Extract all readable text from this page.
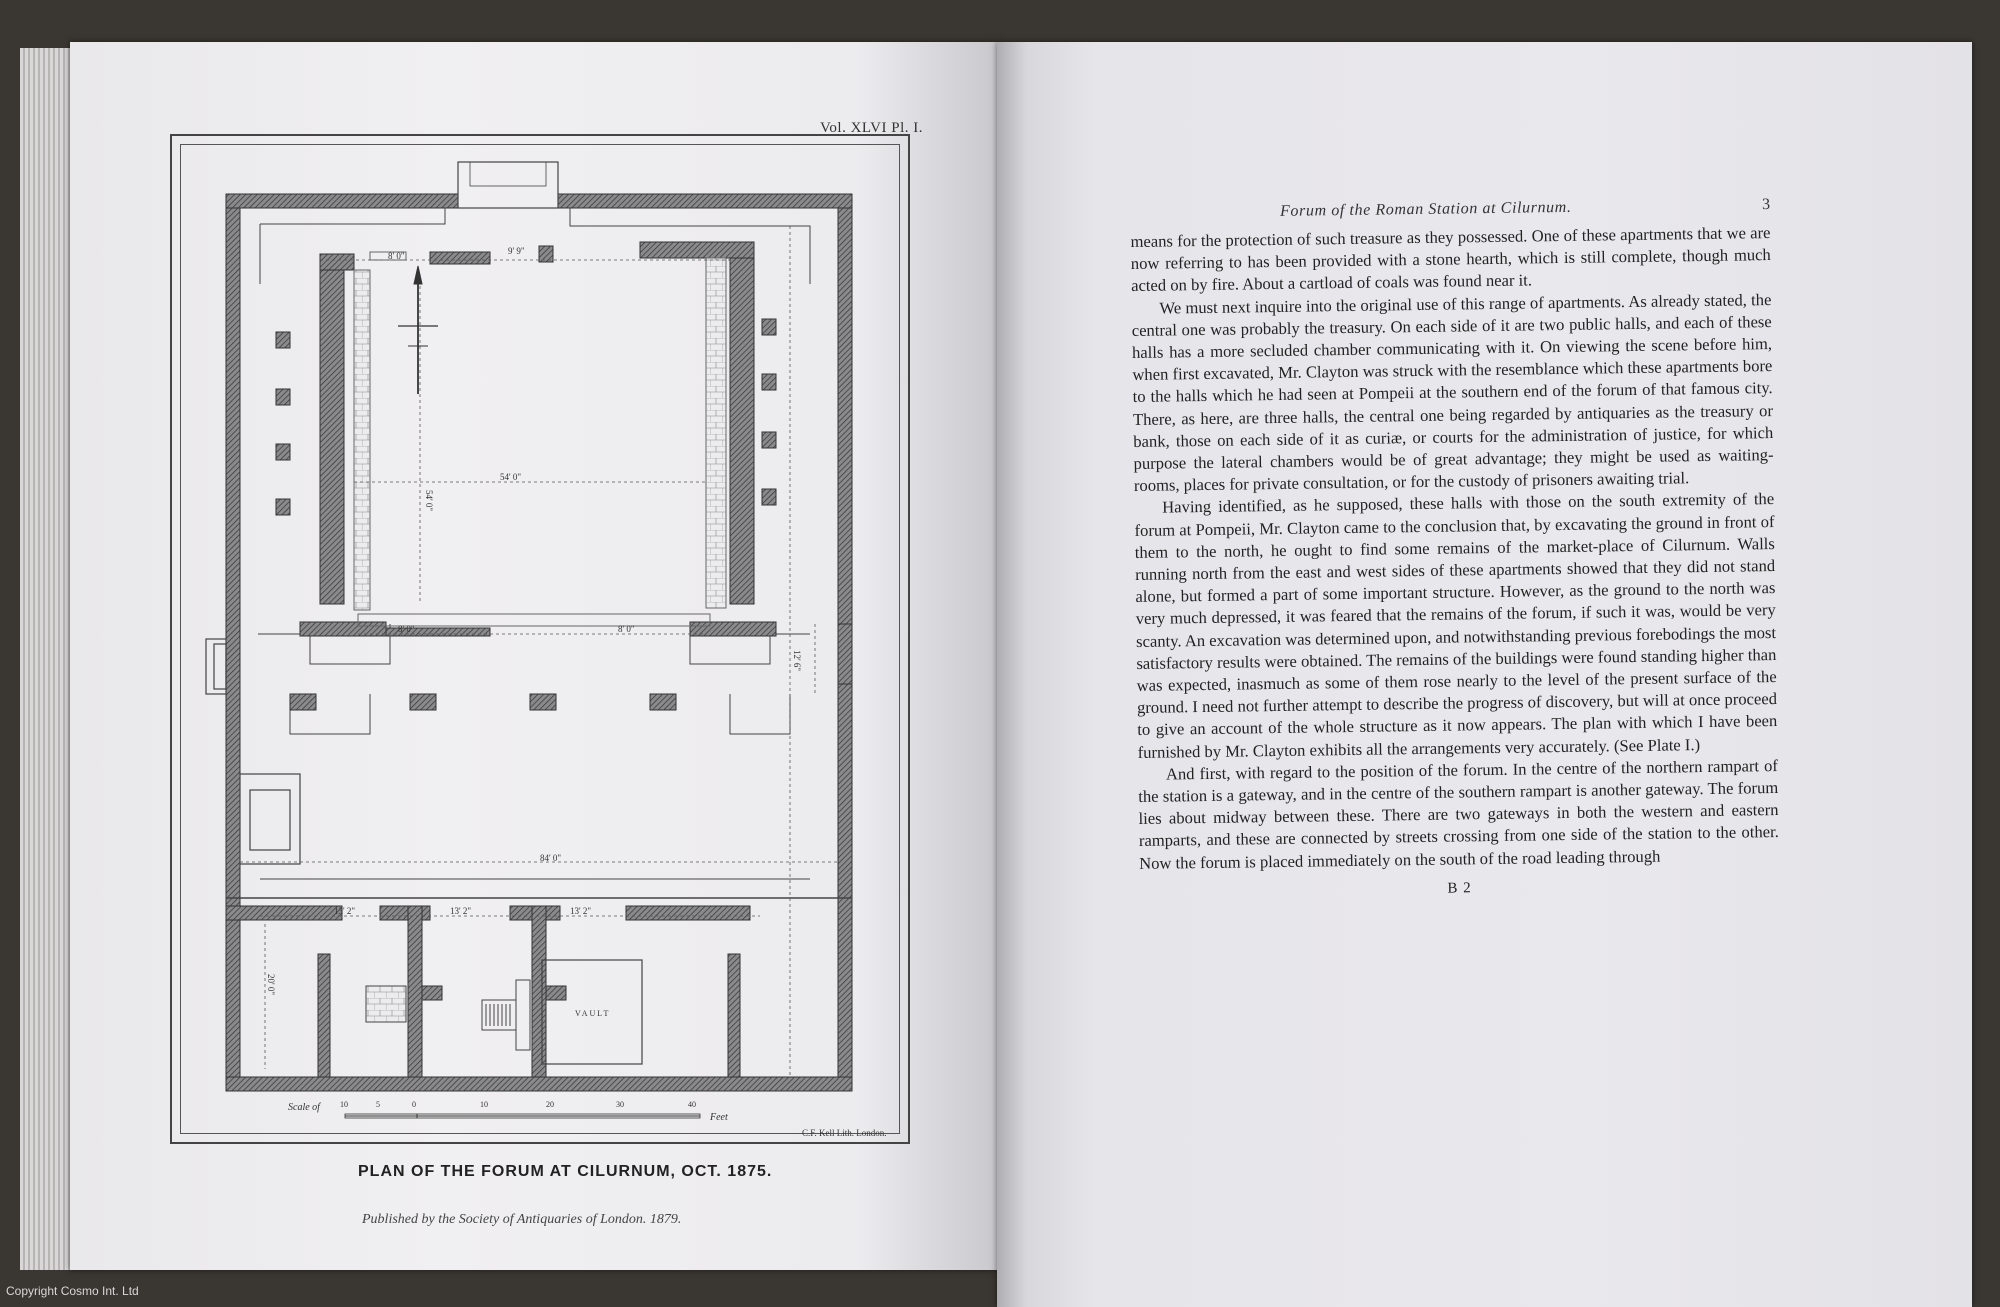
Vol. XLVI Pl. I.
8' 0"	9' 9"
54' 0"
54' 0"
8' 0"	8' 0"
12' 6"
84' 0"
13' 2"	13' 2"	13' 2"
20' 0"
VAULT
Scale of	10	5	0	10	20	30	40
Feet
C.F. Kell Lith. London.
PLAN OF THE FORUM AT CILURNUM, OCT. 1875.
Published by the Society of Antiquaries of London. 1879.
Forum of the Roman Station at Cilurnum.	3

means for the protection of such treasure as they possessed. One of these apartments that we are now referring to has been provided with a stone hearth, which is still complete, though much acted on by fire. About a cartload of coals was found near it.

We must next inquire into the original use of this range of apartments. As already stated, the central one was probably the treasury. On each side of it are two public halls, and each of these halls has a more secluded chamber communicating with it. On viewing the scene before him, when first excavated, Mr. Clayton was struck with the resemblance which these apartments bore to the halls which he had seen at Pompeii at the southern end of the forum of that famous city. There, as here, are three halls, the central one being regarded by antiquaries as the treasury or bank, those on each side of it as curiæ, or courts for the administration of justice, for which purpose the lateral chambers would be of great advantage; they might be used as waiting-rooms, places for private consultation, or for the custody of prisoners awaiting trial.

Having identified, as he supposed, these halls with those on the south extremity of the forum at Pompeii, Mr. Clayton came to the conclusion that, by excavating the ground in front of them to the north, he ought to find some remains of the market-place of Cilurnum. Walls running north from the east and west sides of these apartments showed that they did not stand alone, but formed a part of some important structure. However, as the ground to the north was very much depressed, it was feared that the remains of the forum, if such it was, would be very scanty. An excavation was determined upon, and notwithstanding previous forebodings the most satisfactory results were obtained. The remains of the buildings were found standing higher than was expected, inasmuch as some of them rose nearly to the level of the present surface of the ground. I need not further attempt to describe the progress of discovery, but will at once proceed to give an account of the whole structure as it now appears. The plan with which I have been furnished by Mr. Clayton exhibits all the arrangements very accurately. (See Plate I.)

And first, with regard to the position of the forum. In the centre of the northern rampart of the station is a gateway, and in the centre of the southern rampart is another gateway. The forum lies about midway between these. There are two gateways in both the western and eastern ramparts, and these are connected by streets crossing from one side of the station to the other. Now the forum is placed immediately on the south of the road leading through

B 2
Copyright Cosmo Int. Ltd
